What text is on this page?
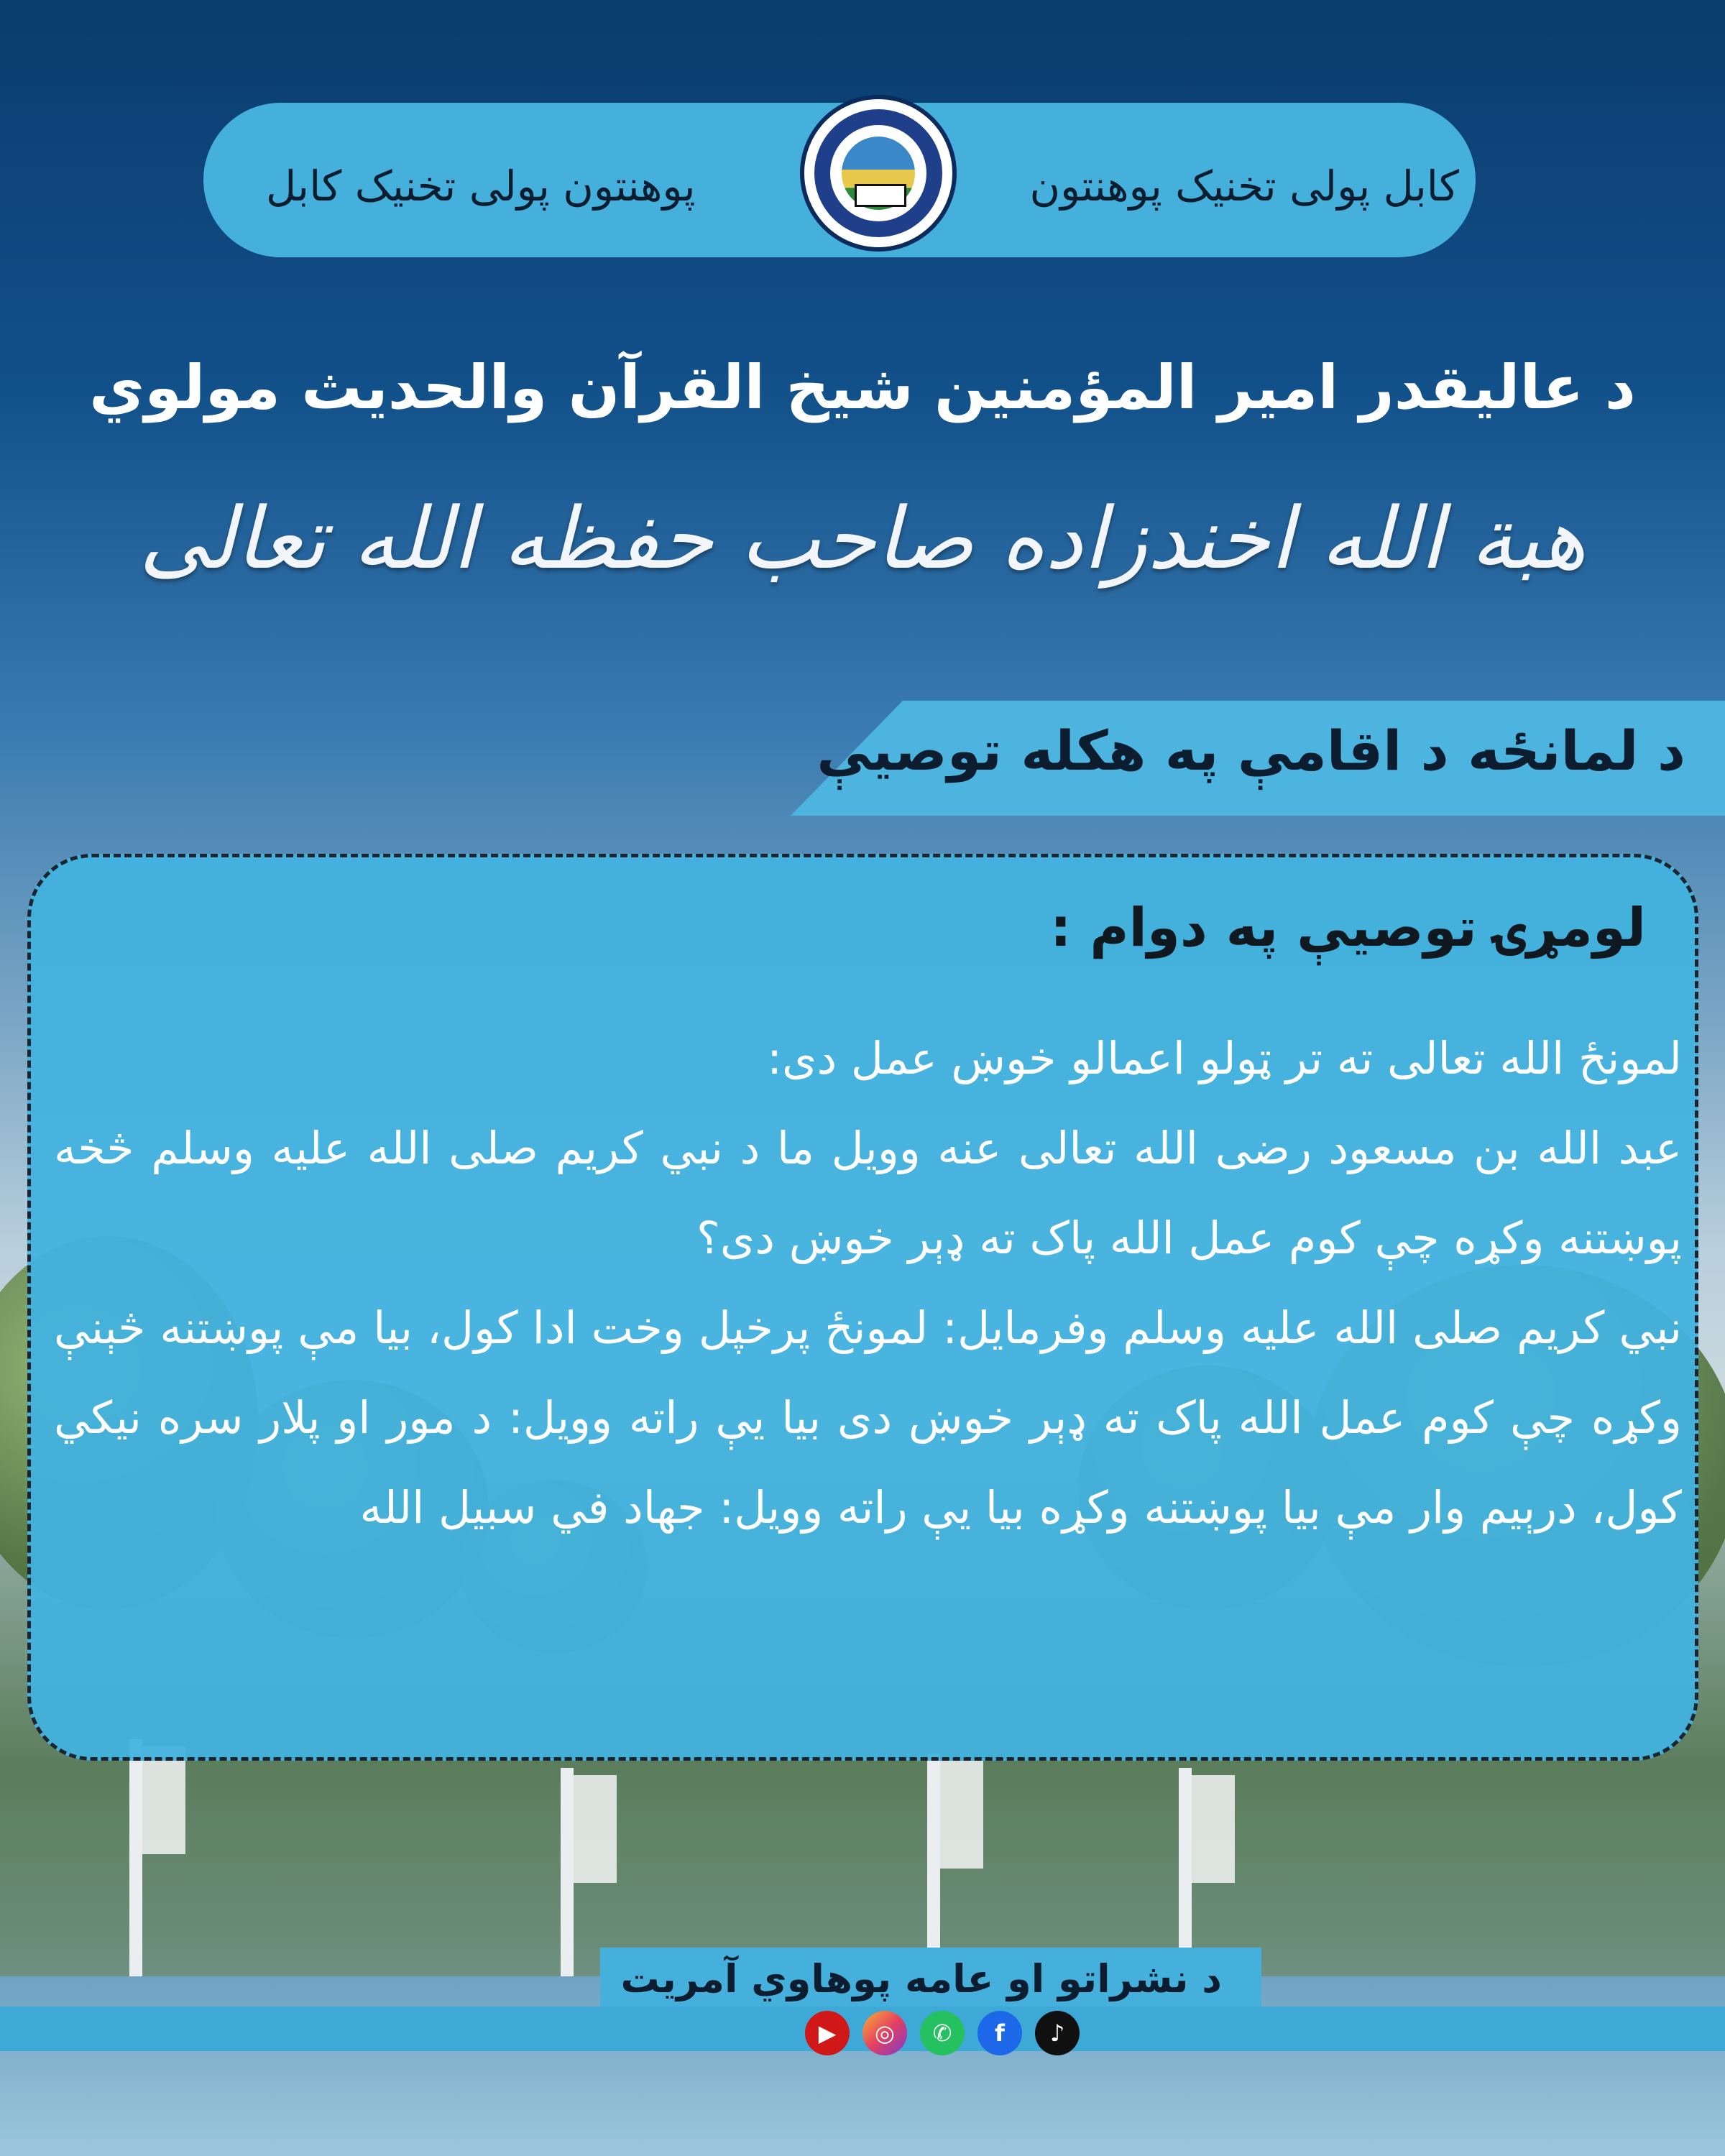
پوهنتون پولی تخنیک کابل	کابل پولی تخنیک پوهنتون
د عالیقدر امیر المؤمنین شیخ القرآن والحدیث مولوي
هبة الله اخندزاده صاحب حفظه الله تعالی
د لمانځه د اقامې په هکله توصیې
لومړۍ توصیې په دوام :

لمونځ الله تعالی ته تر ټولو اعمالو خوښ عمل دی:

عبد الله بن مسعود رضی الله تعالی عنه وویل ما د نبي کریم صلی الله علیه وسلم څخه پوښتنه وکړه چې کوم عمل الله پاک ته ډېر خوښ دی؟

نبي کریم صلی الله علیه وسلم وفرمایل: لمونځ پرخپل وخت ادا کول، بیا مې پوښتنه څېنې وکړه چې کوم عمل الله پاک ته ډېر خوښ دی بیا یې راته وویل: د مور او پلار سره نیکي کول، درېیم وار مې بیا پوښتنه وکړه بیا یې راته وویل: جهاد في سبیل الله

د نشراتو او عامه پوهاوي آمریت
▶	◎	✆	f	♪
